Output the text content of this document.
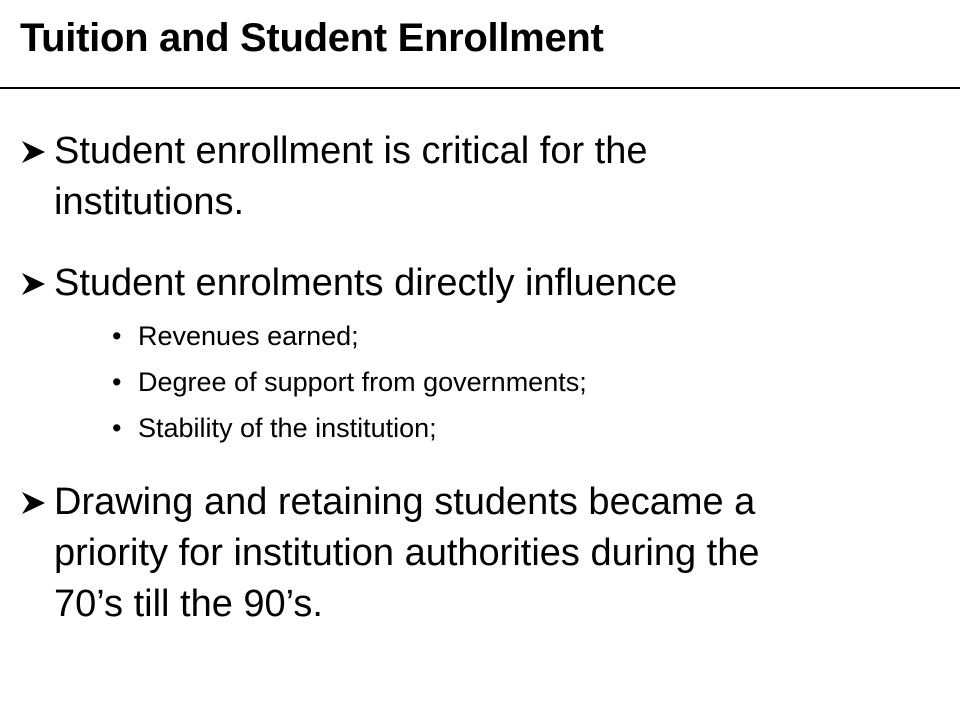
Tuition and Student Enrollment
Student enrollment is critical for the
institutions.
Student enrolments directly influence
• Revenues earned;
• Degree of support from governments;
• Stability of the institution;
Drawing and retaining students became a
priority for institution authorities during the
70’s till the 90’s.
